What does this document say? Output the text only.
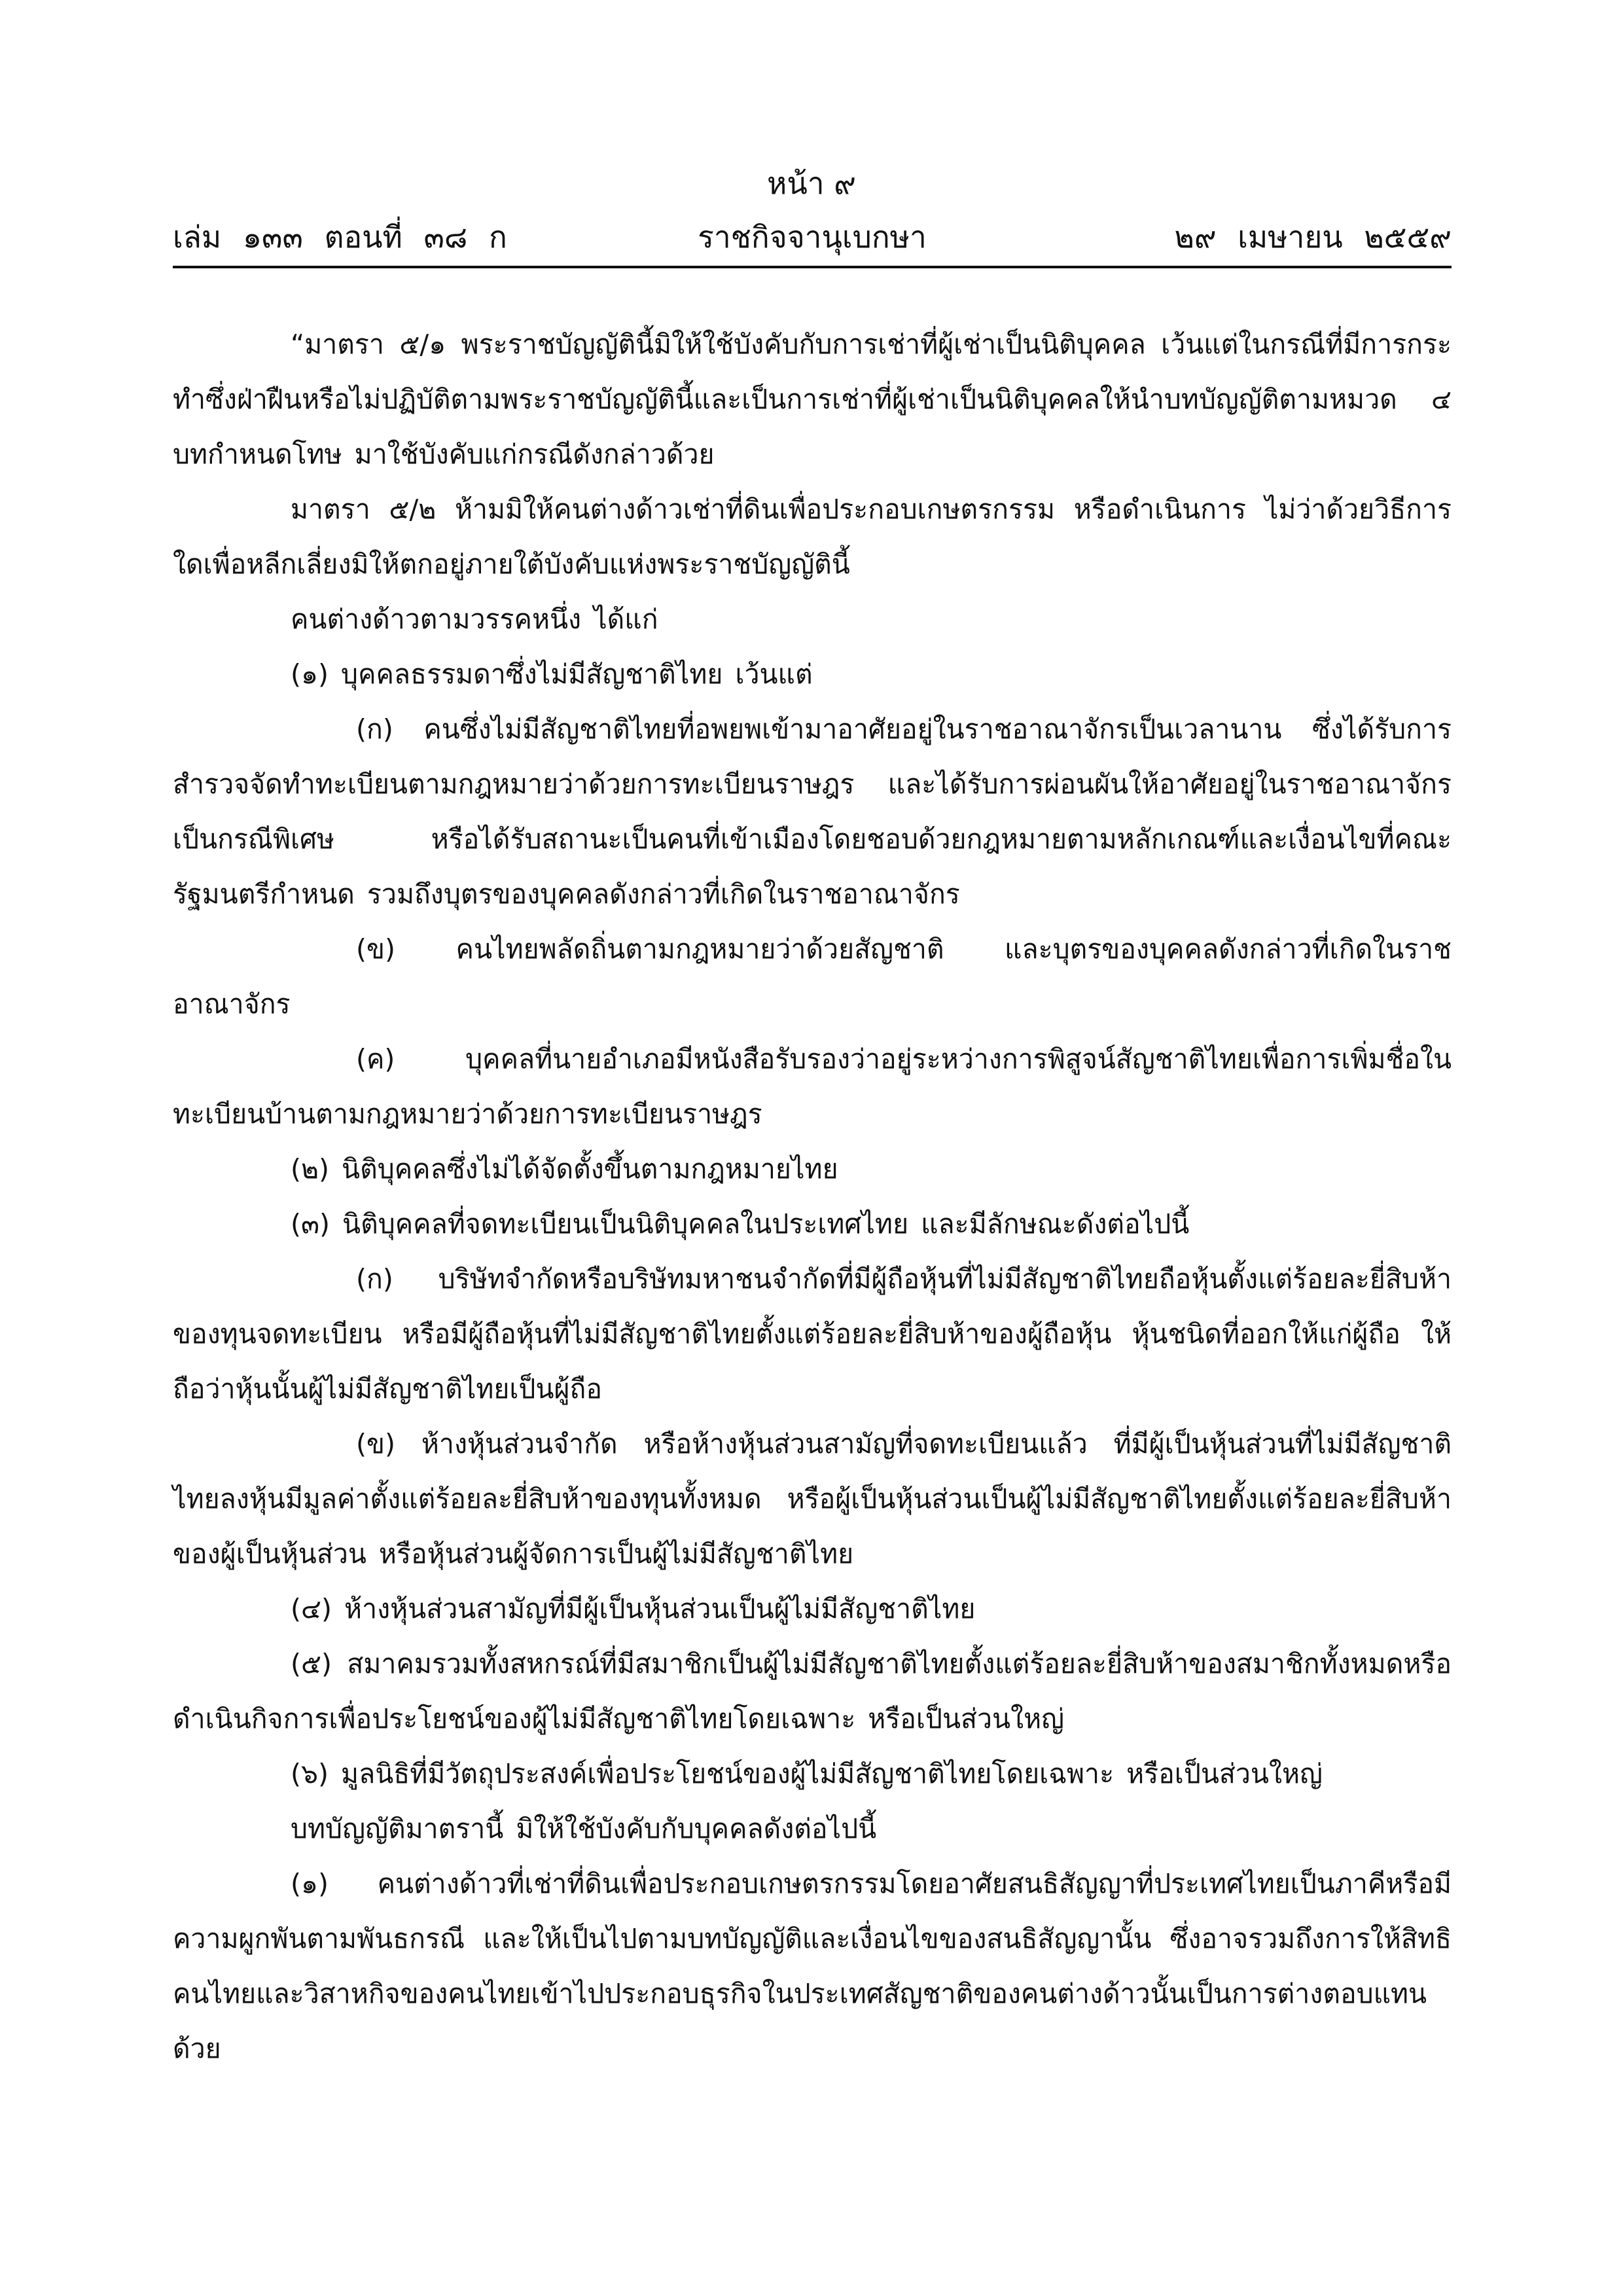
หน้า ๙
เล่ม ๑๓๓ ตอนที่ ๓๘ ก	ราชกิจจานุเบกษา	๒๙ เมษายน ๒๕๕๙

“มาตรา ๕/๑ พระราชบัญญัตินี้มิให้ใช้บังคับกับการเช่าที่ผู้เช่าเป็นนิติบุคคล เว้นแต่ในกรณีที่มีการกระทำซึ่งฝ่าฝืนหรือไม่ปฏิบัติตามพระราชบัญญัตินี้และเป็นการเช่าที่ผู้เช่าเป็นนิติบุคคลให้นำบทบัญญัติตามหมวด ๔ บทกำหนดโทษ มาใช้บังคับแก่กรณีดังกล่าวด้วย

มาตรา ๕/๒ ห้ามมิให้คนต่างด้าวเช่าที่ดินเพื่อประกอบเกษตรกรรม หรือดำเนินการ ไม่ว่าด้วยวิธีการใดเพื่อหลีกเลี่ยงมิให้ตกอยู่ภายใต้บังคับแห่งพระราชบัญญัตินี้

คนต่างด้าวตามวรรคหนึ่ง ได้แก่

(๑) บุคคลธรรมดาซึ่งไม่มีสัญชาติไทย เว้นแต่

(ก) คนซึ่งไม่มีสัญชาติไทยที่อพยพเข้ามาอาศัยอยู่ในราชอาณาจักรเป็นเวลานาน ซึ่งได้รับการสำรวจจัดทำทะเบียนตามกฎหมายว่าด้วยการทะเบียนราษฎร และได้รับการผ่อนผันให้อาศัยอยู่ในราชอาณาจักรเป็นกรณีพิเศษ หรือได้รับสถานะเป็นคนที่เข้าเมืองโดยชอบด้วยกฎหมายตามหลักเกณฑ์และเงื่อนไขที่คณะรัฐมนตรีกำหนด รวมถึงบุตรของบุคคลดังกล่าวที่เกิดในราชอาณาจักร

(ข) คนไทยพลัดถิ่นตามกฎหมายว่าด้วยสัญชาติ และบุตรของบุคคลดังกล่าวที่เกิดในราชอาณาจักร

(ค) บุคคลที่นายอำเภอมีหนังสือรับรองว่าอยู่ระหว่างการพิสูจน์สัญชาติไทยเพื่อการเพิ่มชื่อในทะเบียนบ้านตามกฎหมายว่าด้วยการทะเบียนราษฎร

(๒) นิติบุคคลซึ่งไม่ได้จัดตั้งขึ้นตามกฎหมายไทย

(๓) นิติบุคคลที่จดทะเบียนเป็นนิติบุคคลในประเทศไทย และมีลักษณะดังต่อไปนี้

(ก) บริษัทจำกัดหรือบริษัทมหาชนจำกัดที่มีผู้ถือหุ้นที่ไม่มีสัญชาติไทยถือหุ้นตั้งแต่ร้อยละยี่สิบห้าของทุนจดทะเบียน หรือมีผู้ถือหุ้นที่ไม่มีสัญชาติไทยตั้งแต่ร้อยละยี่สิบห้าของผู้ถือหุ้น หุ้นชนิดที่ออกให้แก่ผู้ถือ ให้ถือว่าหุ้นนั้นผู้ไม่มีสัญชาติไทยเป็นผู้ถือ

(ข) ห้างหุ้นส่วนจำกัด หรือห้างหุ้นส่วนสามัญที่จดทะเบียนแล้ว ที่มีผู้เป็นหุ้นส่วนที่ไม่มีสัญชาติไทยลงหุ้นมีมูลค่าตั้งแต่ร้อยละยี่สิบห้าของทุนทั้งหมด หรือผู้เป็นหุ้นส่วนเป็นผู้ไม่มีสัญชาติไทยตั้งแต่ร้อยละยี่สิบห้าของผู้เป็นหุ้นส่วน หรือหุ้นส่วนผู้จัดการเป็นผู้ไม่มีสัญชาติไทย

(๔) ห้างหุ้นส่วนสามัญที่มีผู้เป็นหุ้นส่วนเป็นผู้ไม่มีสัญชาติไทย

(๕) สมาคมรวมทั้งสหกรณ์ที่มีสมาชิกเป็นผู้ไม่มีสัญชาติไทยตั้งแต่ร้อยละยี่สิบห้าของสมาชิกทั้งหมดหรือดำเนินกิจการเพื่อประโยชน์ของผู้ไม่มีสัญชาติไทยโดยเฉพาะ หรือเป็นส่วนใหญ่

(๖) มูลนิธิที่มีวัตถุประสงค์เพื่อประโยชน์ของผู้ไม่มีสัญชาติไทยโดยเฉพาะ หรือเป็นส่วนใหญ่

บทบัญญัติมาตรานี้ มิให้ใช้บังคับกับบุคคลดังต่อไปนี้

(๑) คนต่างด้าวที่เช่าที่ดินเพื่อประกอบเกษตรกรรมโดยอาศัยสนธิสัญญาที่ประเทศไทยเป็นภาคีหรือมีความผูกพันตามพันธกรณี และให้เป็นไปตามบทบัญญัติและเงื่อนไขของสนธิสัญญานั้น ซึ่งอาจรวมถึงการให้สิทธิคนไทยและวิสาหกิจของคนไทยเข้าไปประกอบธุรกิจในประเทศสัญชาติของคนต่างด้าวนั้นเป็นการต่างตอบแทนด้วย
